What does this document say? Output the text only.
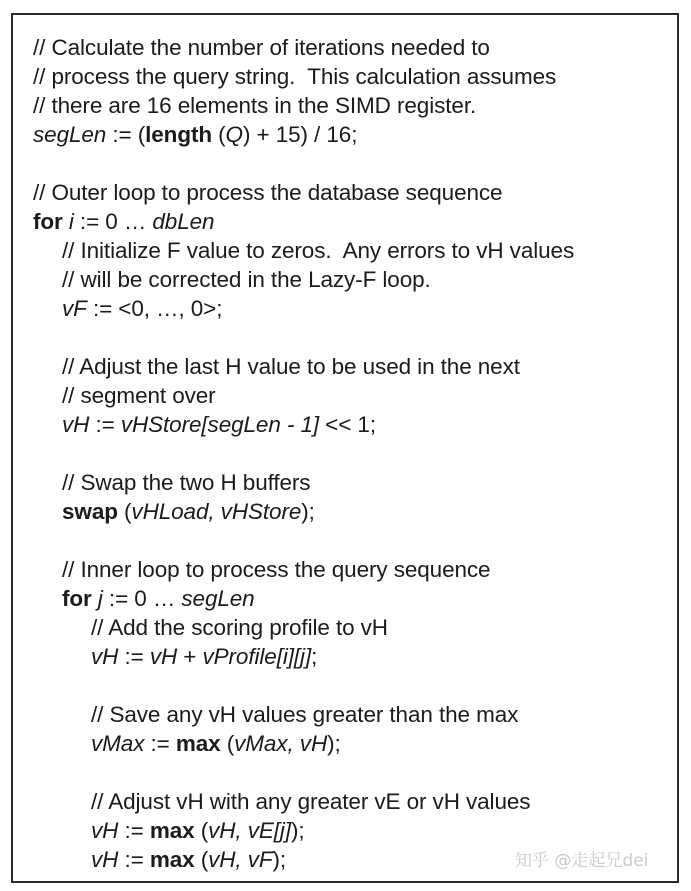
// Calculate the number of iterations needed to
// process the query string.  This calculation assumes
// there are 16 elements in the SIMD register.
segLen := (length (Q) + 15) / 16;
// Outer loop to process the database sequence
for i := 0 … dbLen
// Initialize F value to zeros.  Any errors to vH values
// will be corrected in the Lazy-F loop.
vF := <0, …, 0>;
// Adjust the last H value to be used in the next
// segment over
vH := vHStore[segLen - 1] << 1;
// Swap the two H buffers
swap (vHLoad, vHStore);
// Inner loop to process the query sequence
for j := 0 … segLen
// Add the scoring profile to vH
vH := vH + vProfile[i][j];
// Save any vH values greater than the max
vMax := max (vMax, vH);
// Adjust vH with any greater vE or vH values
vH := max (vH, vE[j]);
vH := max (vH, vF);	知乎 @走起兄dei
